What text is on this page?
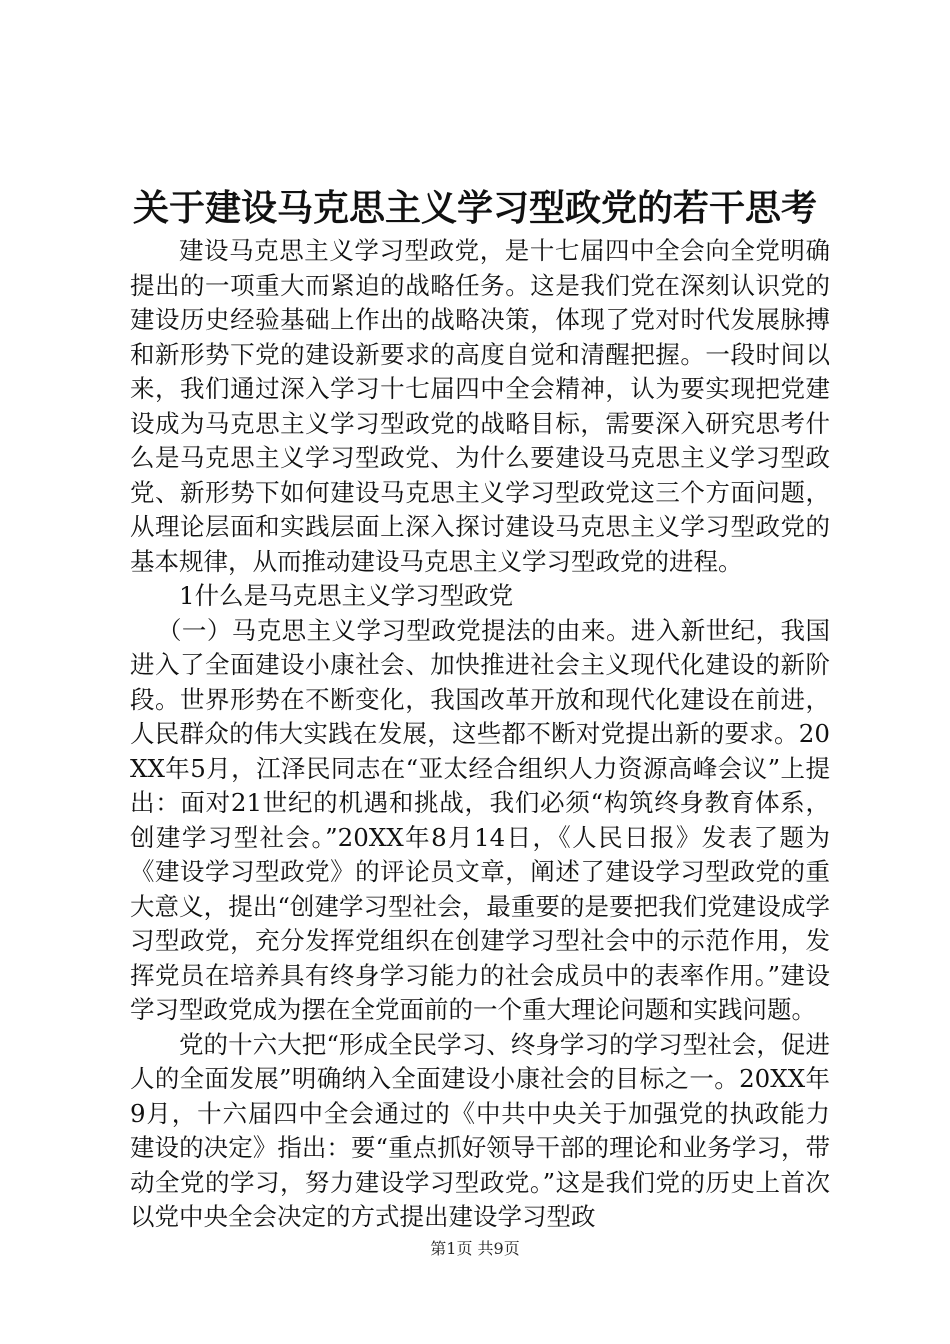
关于建设马克思主义学习型政党的若干思考

建设马克思主义学习型政党，是十七届四中全会向全党明确提出的一项重大而紧迫的战略任务。这是我们党在深刻认识党的建设历史经验基础上作出的战略决策，体现了党对时代发展脉搏和新形势下党的建设新要求的高度自觉和清醒把握。一段时间以来，我们通过深入学习十七届四中全会精神，认为要实现把党建设成为马克思主义学习型政党的战略目标，需要深入研究思考什么是马克思主义学习型政党、为什么要建设马克思主义学习型政党、新形势下如何建设马克思主义学习型政党这三个方面问题，从理论层面和实践层面上深入探讨建设马克思主义学习型政党的基本规律，从而推动建设马克思主义学习型政党的进程。

1什么是马克思主义学习型政党

（一）马克思主义学习型政党提法的由来。进入新世纪，我国进入了全面建设小康社会、加快推进社会主义现代化建设的新阶段。世界形势在不断变化，我国改革开放和现代化建设在前进，人民群众的伟大实践在发展，这些都不断对党提出新的要求。20XX年5月，江泽民同志在“亚太经合组织人力资源高峰会议”上提出：面对21世纪的机遇和挑战，我们必须“构筑终身教育体系，创建学习型社会。”20XX年8月14日，《人民日报》发表了题为《建设学习型政党》的评论员文章，阐述了建设学习型政党的重大意义，提出“创建学习型社会，最重要的是要把我们党建设成学习型政党，充分发挥党组织在创建学习型社会中的示范作用，发挥党员在培养具有终身学习能力的社会成员中的表率作用。”建设学习型政党成为摆在全党面前的一个重大理论问题和实践问题。

党的十六大把“形成全民学习、终身学习的学习型社会，促进人的全面发展”明确纳入全面建设小康社会的目标之一。20XX年9月，十六届四中全会通过的《中共中央关于加强党的执政能力建设的决定》指出：要“重点抓好领导干部的理论和业务学习，带动全党的学习，努力建设学习型政党。”这是我们党的历史上首次以党中央全会决定的方式提出建设学习型政

第1页 共9页
